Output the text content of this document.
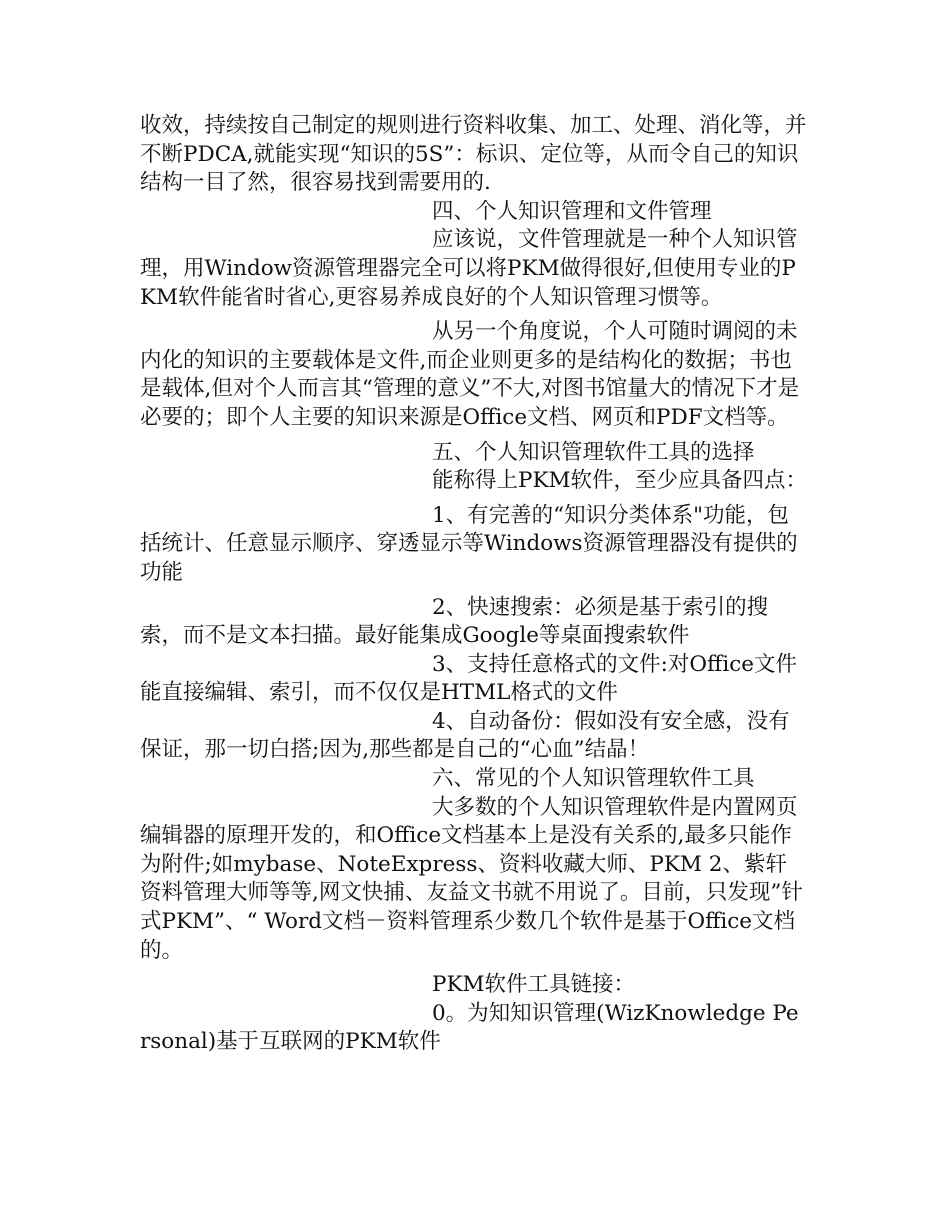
收效，持续按自己制定的规则进行资料收集、加工、处理、消化等，并不断PDCA,就能实现“知识的5S”：标识、定位等，从而令自己的知识结构一目了然，很容易找到需要用的.

四、个人知识管理和文件管理

应该说，文件管理就是一种个人知识管理，用Window资源管理器完全可以将PKM做得很好,但使用专业的PKM软件能省时省心,更容易养成良好的个人知识管理习惯等。

从另一个角度说，个人可随时调阅的未内化的知识的主要载体是文件,而企业则更多的是结构化的数据；书也是载体,但对个人而言其“管理的意义”不大,对图书馆量大的情况下才是必要的；即个人主要的知识来源是Office文档、网页和PDF文档等。

五、个人知识管理软件工具的选择

能称得上PKM软件，至少应具备四点：

1、有完善的“知识分类体系"功能，包括统计、任意显示顺序、穿透显示等Windows资源管理器没有提供的功能

2、快速搜索：必须是基于索引的搜索，而不是文本扫描。最好能集成Google等桌面搜索软件

3、支持任意格式的文件:对Office文件能直接编辑、索引，而不仅仅是HTML格式的文件

4、自动备份：假如没有安全感，没有保证，那一切白搭;因为,那些都是自己的“心血”结晶！

六、常见的个人知识管理软件工具

大多数的个人知识管理软件是内置网页编辑器的原理开发的，和Office文档基本上是没有关系的,最多只能作为附件;如mybase、NoteExpress、资料收藏大师、PKM 2、紫轩资料管理大师等等,网文快捕、友益文书就不用说了。目前，只发现”针式PKM”、“ Word文档－资料管理系少数几个软件是基于Office文档的。

PKM软件工具链接：

0。为知知识管理(WizKnowledge Personal)基于互联网的PKM软件
